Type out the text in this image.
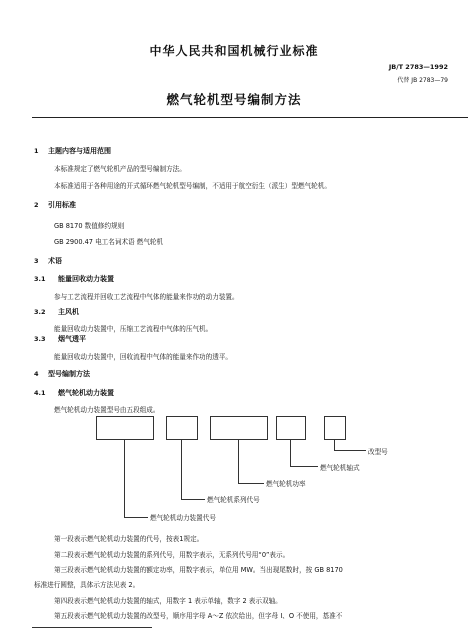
中华人民共和国机械行业标准
JB/T 2783—1992
代替 JB 2783—79
燃气轮机型号编制方法
1 主题内容与适用范围
本标准规定了燃气轮机产品的型号编制方法。
本标准适用于各种用途的开式循环燃气轮机型号编制，不适用于航空衍生（派生）型燃气轮机。
2 引用标准
GB 8170 数值修约规则
GB 2900.47 电工名词术语 燃气轮机
3 术语
3.1 能量回收动力装置
参与工艺流程并回收工艺流程中气体的能量来作功的动力装置。
3.2 主风机
能量回收动力装置中，压缩工艺流程中气体的压气机。
3.3 烟气透平
能量回收动力装置中，回收流程中气体的能量来作功的透平。
4 型号编制方法
4.1 燃气轮机动力装置
燃气轮机动力装置型号由五段组成。
改型号
燃气轮机轴式
燃气轮机功率
燃气轮机系列代号
燃气轮机动力装置代号
第一段表示燃气轮机动力装置的代号，按表1规定。
第二段表示燃气轮机动力装置的系列代号，用数字表示，无系列代号用“0”表示。
第三段表示燃气轮机动力装置的额定功率，用数字表示，单位用 MW。当出现尾数时，按 GB 8170
标准进行圆整，具体示方法见表 2。
第四段表示燃气轮机动力装置的轴式，用数字 1 表示单轴，数字 2 表示双轴。
第五段表示燃气轮机动力装置的改型号，顺序用字母 A～Z 依次给出，但字母 I、O 不使用，基准不
